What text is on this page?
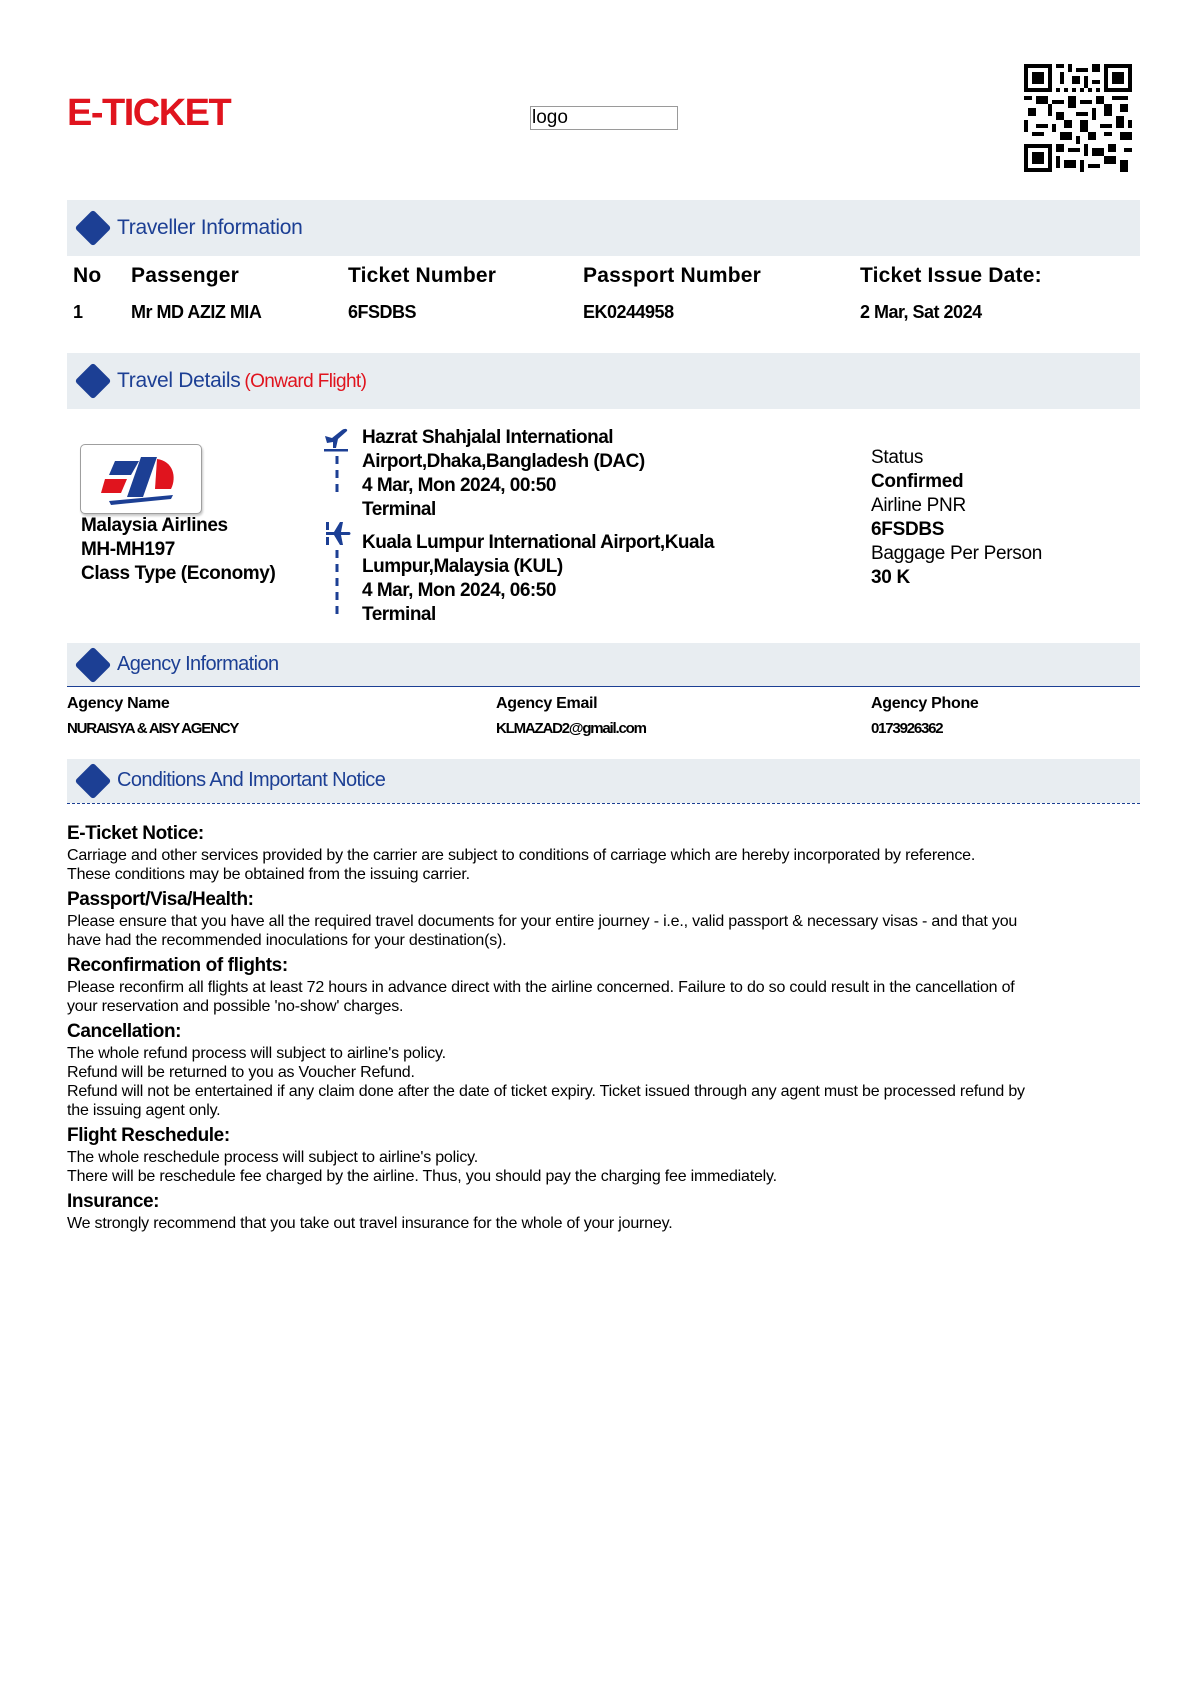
E-TICKET	logo
Traveller Information
No Passenger	Ticket Number	Passport Number	Ticket Issue Date:
1	Mr MD AZIZ MIA	6FSDBS	EK0244958	2 Mar, Sat 2024
Travel Details (Onward Flight)
Malaysia Airlines
MH-MH197
Class Type (Economy)
Hazrat Shahjalal International
Airport,Dhaka,Bangladesh (DAC)
4 Mar, Mon 2024, 00:50
Terminal
Kuala Lumpur International Airport,Kuala
Lumpur,Malaysia (KUL)
4 Mar, Mon 2024, 06:50
Terminal
Status
Confirmed
Airline PNR
6FSDBS
Baggage Per Person
30 K
Agency Information
Agency Name
NURAISYA & AISY AGENCY
Agency Email
KLMAZAD2@gmail.com
Agency Phone
0173926362
Conditions And Important Notice
E-Ticket Notice:

Carriage and other services provided by the carrier are subject to conditions of carriage which are hereby incorporated by reference.

These conditions may be obtained from the issuing carrier.

Passport/Visa/Health:

Please ensure that you have all the required travel documents for your entire journey - i.e., valid passport & necessary visas - and that you

have had the recommended inoculations for your destination(s).

Reconfirmation of flights:

Please reconfirm all flights at least 72 hours in advance direct with the airline concerned. Failure to do so could result in the cancellation of

your reservation and possible 'no-show' charges.

Cancellation:

The whole refund process will subject to airline's policy.

Refund will be returned to you as Voucher Refund.

Refund will not be entertained if any claim done after the date of ticket expiry. Ticket issued through any agent must be processed refund by

the issuing agent only.

Flight Reschedule:

The whole reschedule process will subject to airline's policy.

There will be reschedule fee charged by the airline. Thus, you should pay the charging fee immediately.

Insurance:

We strongly recommend that you take out travel insurance for the whole of your journey.
